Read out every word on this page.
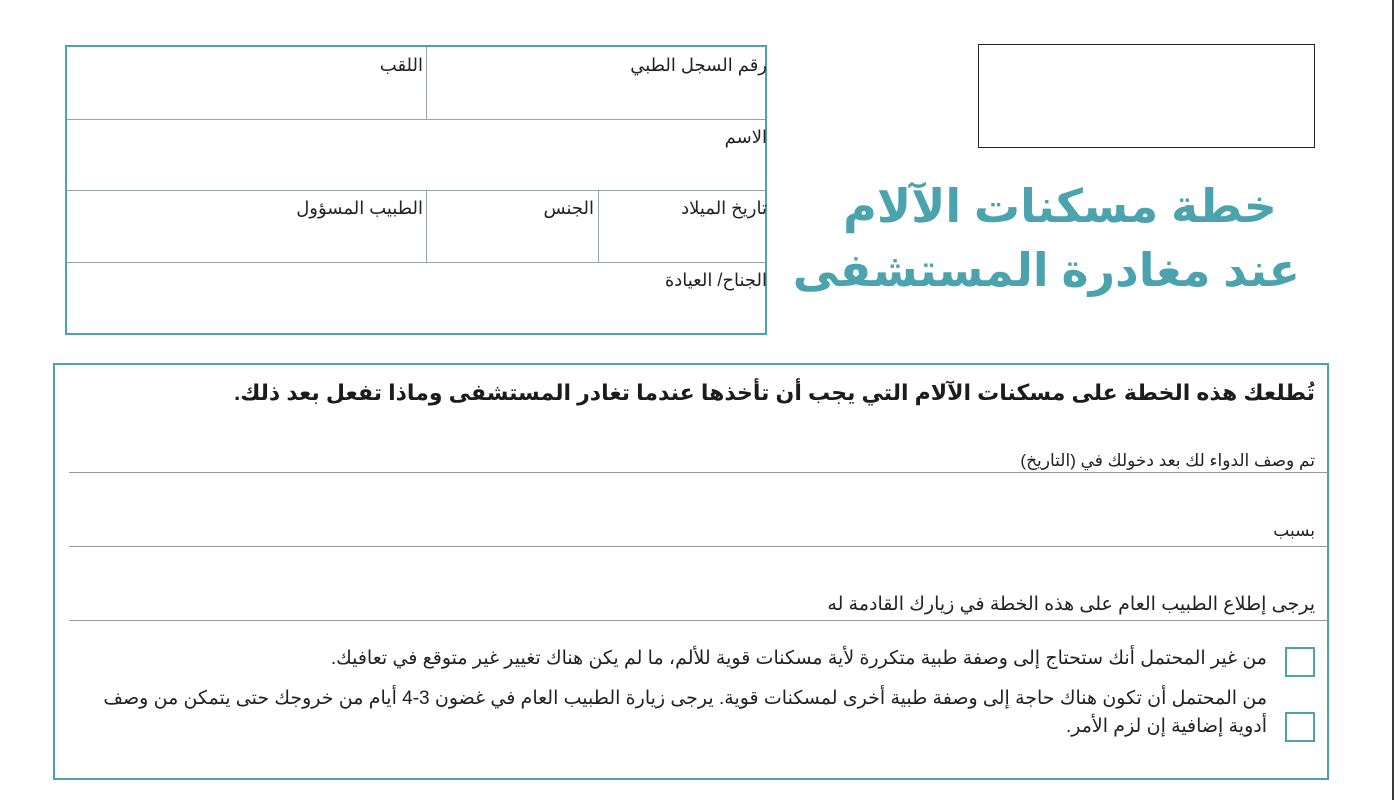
خطة مسكنات الآلام
عند مغادرة المستشفى
رقم السجل الطبي
اللقب
الاسم
تاريخ الميلاد
الجنس
الطبيب المسؤول
الجناح/ العيادة
تُطلعك هذه الخطة على مسكنات الآلام التي يجب أن تأخذها عندما تغادر المستشفى وماذا تفعل بعد ذلك.
تم وصف الدواء لك بعد دخولك في (التاريخ)
بسبب
يرجى إطلاع الطبيب العام على هذه الخطة في زيارك القادمة له
من غير المحتمل أنك ستحتاج إلى وصفة طبية متكررة لأية مسكنات قوية للألم، ما لم يكن هناك تغيير غير متوقع في تعافيك.
من المحتمل أن تكون هناك حاجة إلى وصفة طبية أخرى لمسكنات قوية. يرجى زيارة الطبيب العام في غضون 3-4 أيام من خروجك حتى يتمكن من وصف أدوية إضافية إن لزم الأمر.
